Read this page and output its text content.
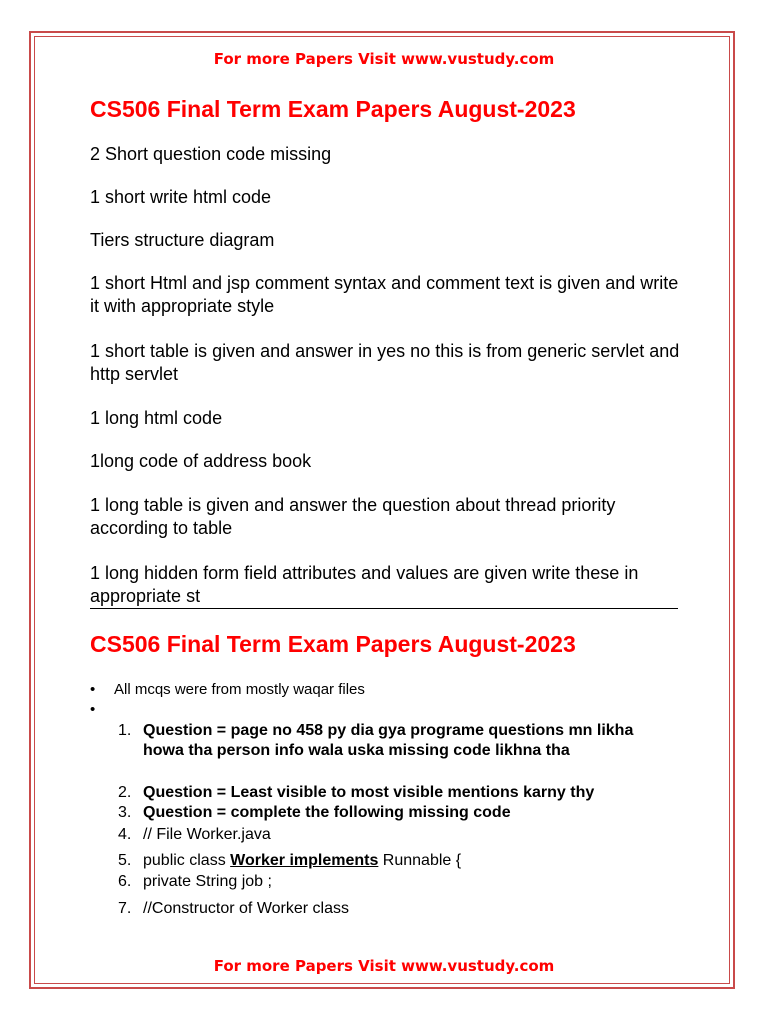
For more Papers Visit www.vustudy.com
CS506 Final Term Exam Papers August-2023

2 Short question code missing

1 short write html code

Tiers structure diagram

1 short Html and jsp comment syntax and comment text is given and write it with appropriate style

1 short table is given and answer in yes no this is from generic servlet and http servlet

1 long html code

1long code of address book

1 long table is given and answer the question about thread priority according to table

1 long hidden form field attributes and values are given write these in appropriate st

CS506 Final Term Exam Papers August-2023
•	All mcqs were from mostly waqar files
•
1. Question = page no 458 py dia gya programe questions mn likha howa tha person info wala uska missing code likhna tha
2. Question = Least visible to most visible mentions karny thy
3. Question = complete the following missing code
4. // File Worker.java
5. public class Worker implements Runnable {
6. private String job ;
7. //Constructor of Worker class
For more Papers Visit www.vustudy.com
